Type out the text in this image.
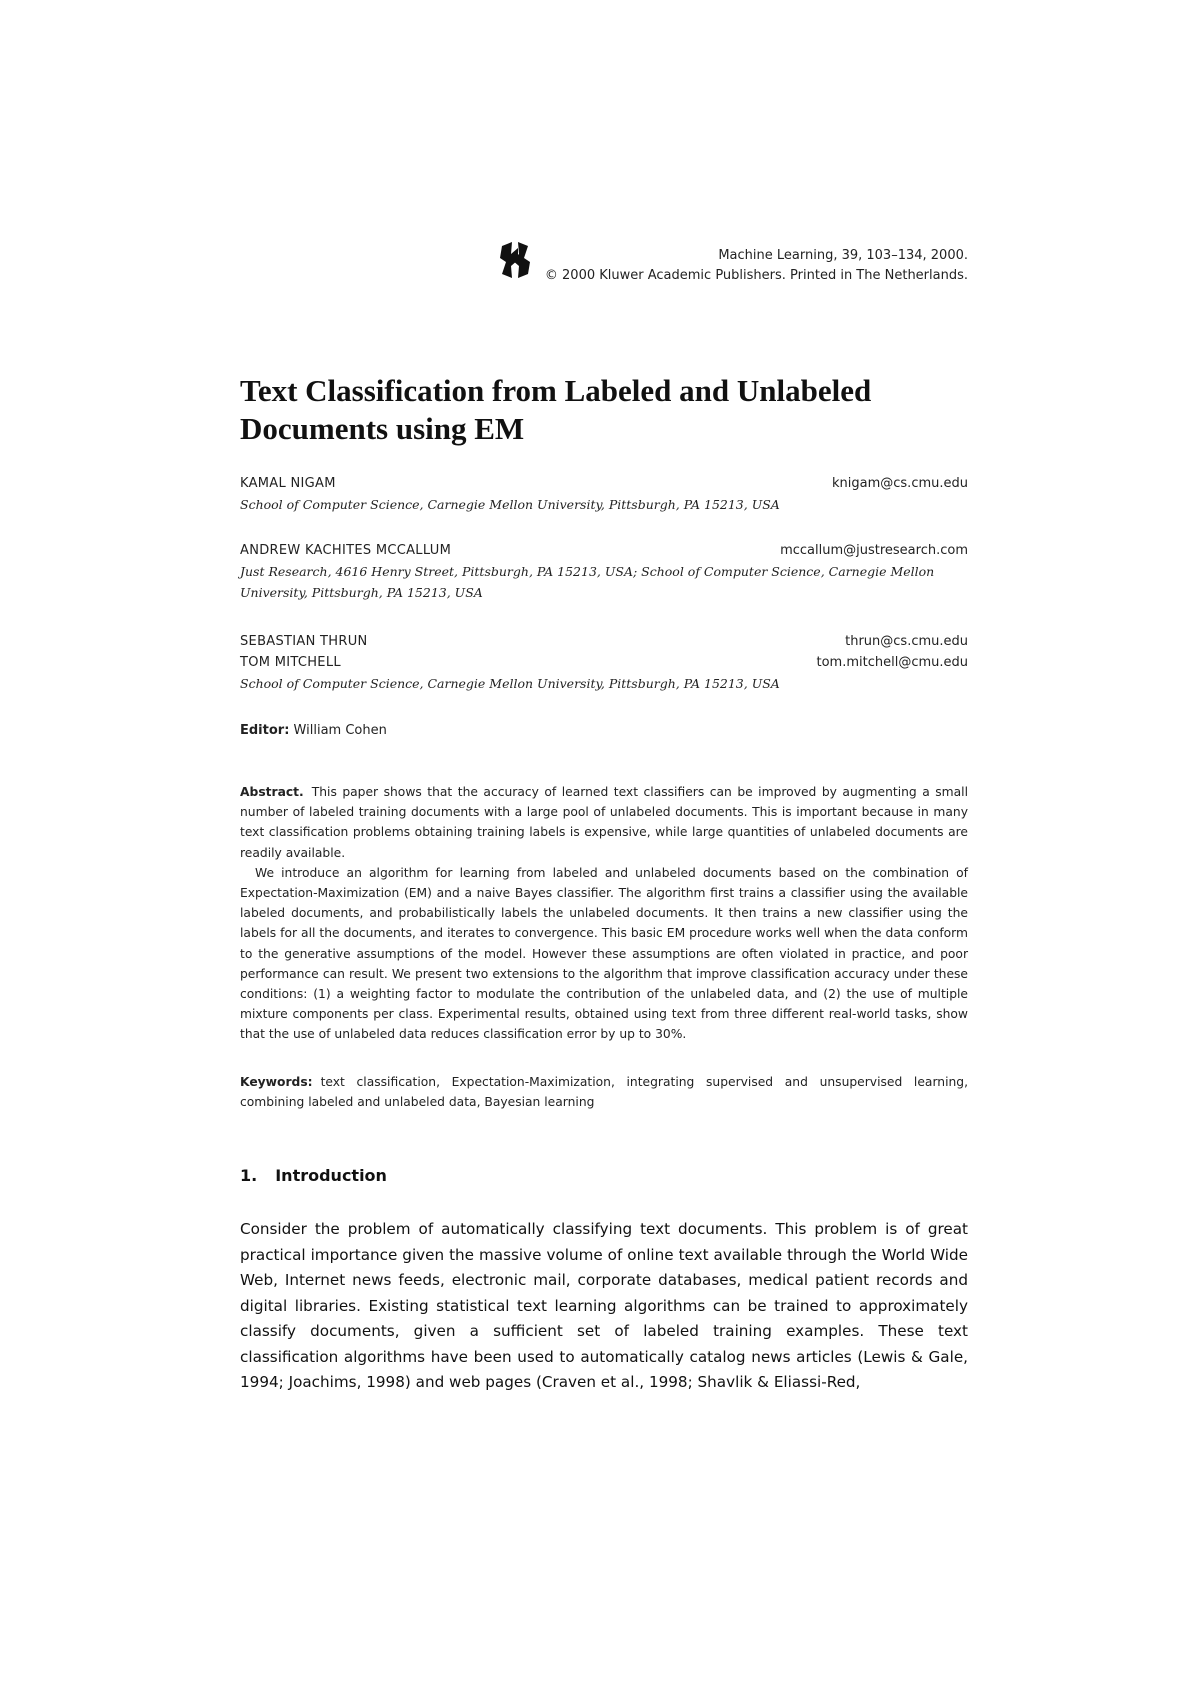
Machine Learning, 39, 103–134, 2000.
© 2000 Kluwer Academic Publishers. Printed in The Netherlands.
Text Classification from Labeled and Unlabeled
Documents using EM
KAMAL NIGAM	knigam@cs.cmu.edu
School of Computer Science, Carnegie Mellon University, Pittsburgh, PA 15213, USA
ANDREW KACHITES MCCALLUM	mccallum@justresearch.com
Just Research, 4616 Henry Street, Pittsburgh, PA 15213, USA; School of Computer Science, Carnegie Mellon
University, Pittsburgh, PA 15213, USA
SEBASTIAN THRUN	thrun@cs.cmu.edu
TOM MITCHELL	tom.mitchell@cmu.edu
School of Computer Science, Carnegie Mellon University, Pittsburgh, PA 15213, USA
Editor: William Cohen

Abstract. This paper shows that the accuracy of learned text classifiers can be improved by augmenting a small number of labeled training documents with a large pool of unlabeled documents. This is important because in many text classification problems obtaining training labels is expensive, while large quantities of unlabeled documents are readily available.

We introduce an algorithm for learning from labeled and unlabeled documents based on the combination of Expectation-Maximization (EM) and a naive Bayes classifier. The algorithm first trains a classifier using the available labeled documents, and probabilistically labels the unlabeled documents. It then trains a new classifier using the labels for all the documents, and iterates to convergence. This basic EM procedure works well when the data conform to the generative assumptions of the model. However these assumptions are often violated in practice, and poor performance can result. We present two extensions to the algorithm that improve classification accuracy under these conditions: (1) a weighting factor to modulate the contribution of the unlabeled data, and (2) the use of multiple mixture components per class. Experimental results, obtained using text from three different real-world tasks, show that the use of unlabeled data reduces classification error by up to 30%.

Keywords: text classification, Expectation-Maximization, integrating supervised and unsupervised learning, combining labeled and unlabeled data, Bayesian learning
1. Introduction

Consider the problem of automatically classifying text documents. This problem is of great practical importance given the massive volume of online text available through the World Wide Web, Internet news feeds, electronic mail, corporate databases, medical patient records and digital libraries. Existing statistical text learning algorithms can be trained to approximately classify documents, given a sufficient set of labeled training examples. These text classification algorithms have been used to automatically catalog news articles (Lewis & Gale, 1994; Joachims, 1998) and web pages (Craven et al., 1998; Shavlik & Eliassi-Red,
